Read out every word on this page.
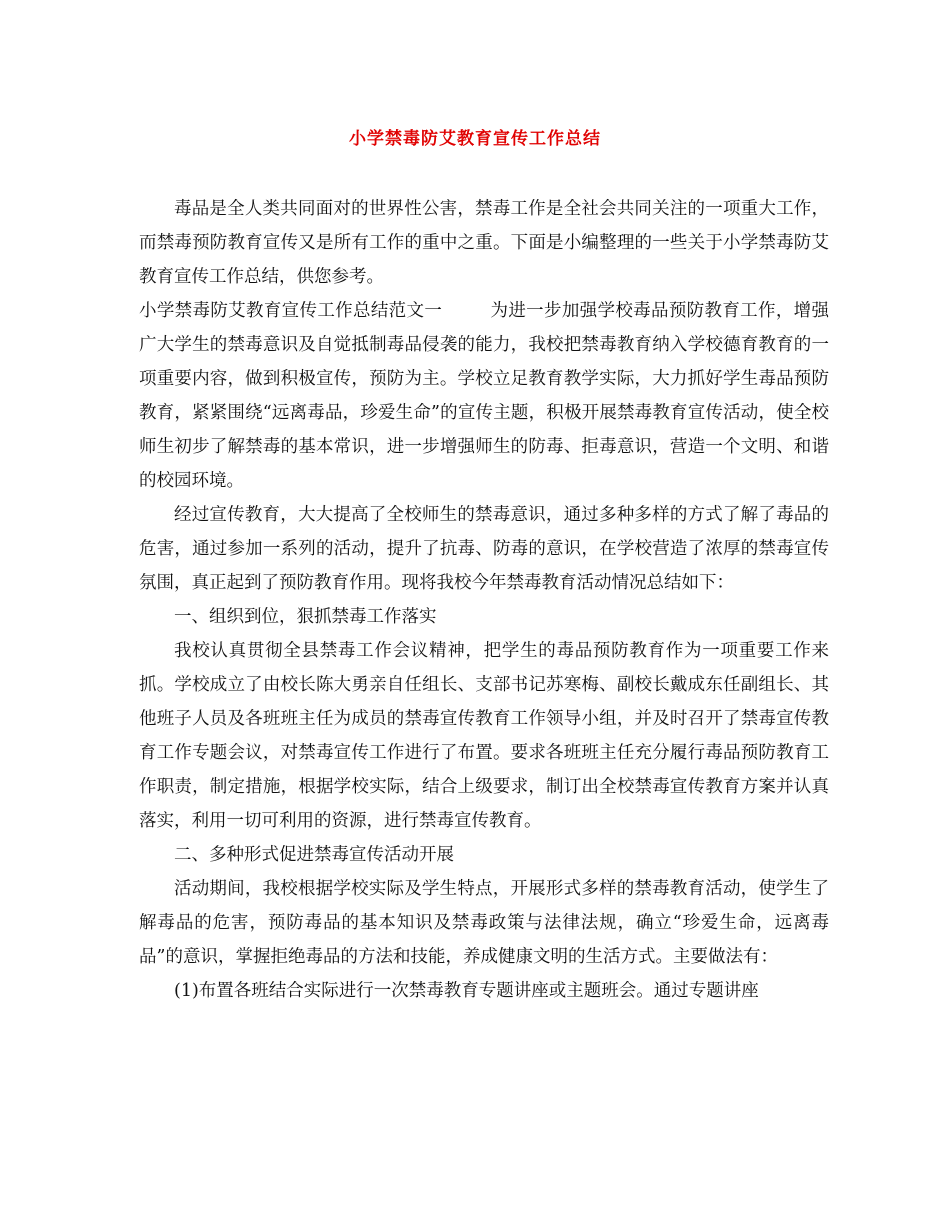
小学禁毒防艾教育宣传工作总结

毒品是全人类共同面对的世界性公害，禁毒工作是全社会共同关注的一项重大工作，而禁毒预防教育宣传又是所有工作的重中之重。下面是小编整理的一些关于小学禁毒防艾教育宣传工作总结，供您参考。

小学禁毒防艾教育宣传工作总结范文一	为进一步加强学校毒品预防教育工作，增强广大学生的禁毒意识及自觉抵制毒品侵袭的能力，我校把禁毒教育纳入学校德育教育的一项重要内容，做到积极宣传，预防为主。学校立足教育教学实际，大力抓好学生毒品预防教育，紧紧围绕“远离毒品，珍爱生命”的宣传主题，积极开展禁毒教育宣传活动，使全校师生初步了解禁毒的基本常识，进一步增强师生的防毒、拒毒意识，营造一个文明、和谐的校园环境。

经过宣传教育，大大提高了全校师生的禁毒意识，通过多种多样的方式了解了毒品的危害，通过参加一系列的活动，提升了抗毒、防毒的意识，在学校营造了浓厚的禁毒宣传氛围，真正起到了预防教育作用。现将我校今年禁毒教育活动情况总结如下：

一、组织到位，狠抓禁毒工作落实

我校认真贯彻全县禁毒工作会议精神，把学生的毒品预防教育作为一项重要工作来抓。学校成立了由校长陈大勇亲自任组长、支部书记苏寒梅、副校长戴成东任副组长、其他班子人员及各班班主任为成员的禁毒宣传教育工作领导小组，并及时召开了禁毒宣传教育工作专题会议，对禁毒宣传工作进行了布置。要求各班班主任充分履行毒品预防教育工作职责，制定措施，根据学校实际，结合上级要求，制订出全校禁毒宣传教育方案并认真落实，利用一切可利用的资源，进行禁毒宣传教育。

二、多种形式促进禁毒宣传活动开展

活动期间，我校根据学校实际及学生特点，开展形式多样的禁毒教育活动，使学生了解毒品的危害，预防毒品的基本知识及禁毒政策与法律法规，确立“珍爱生命，远离毒品”的意识，掌握拒绝毒品的方法和技能，养成健康文明的生活方式。主要做法有：

(1)布置各班结合实际进行一次禁毒教育专题讲座或主题班会。通过专题讲座
